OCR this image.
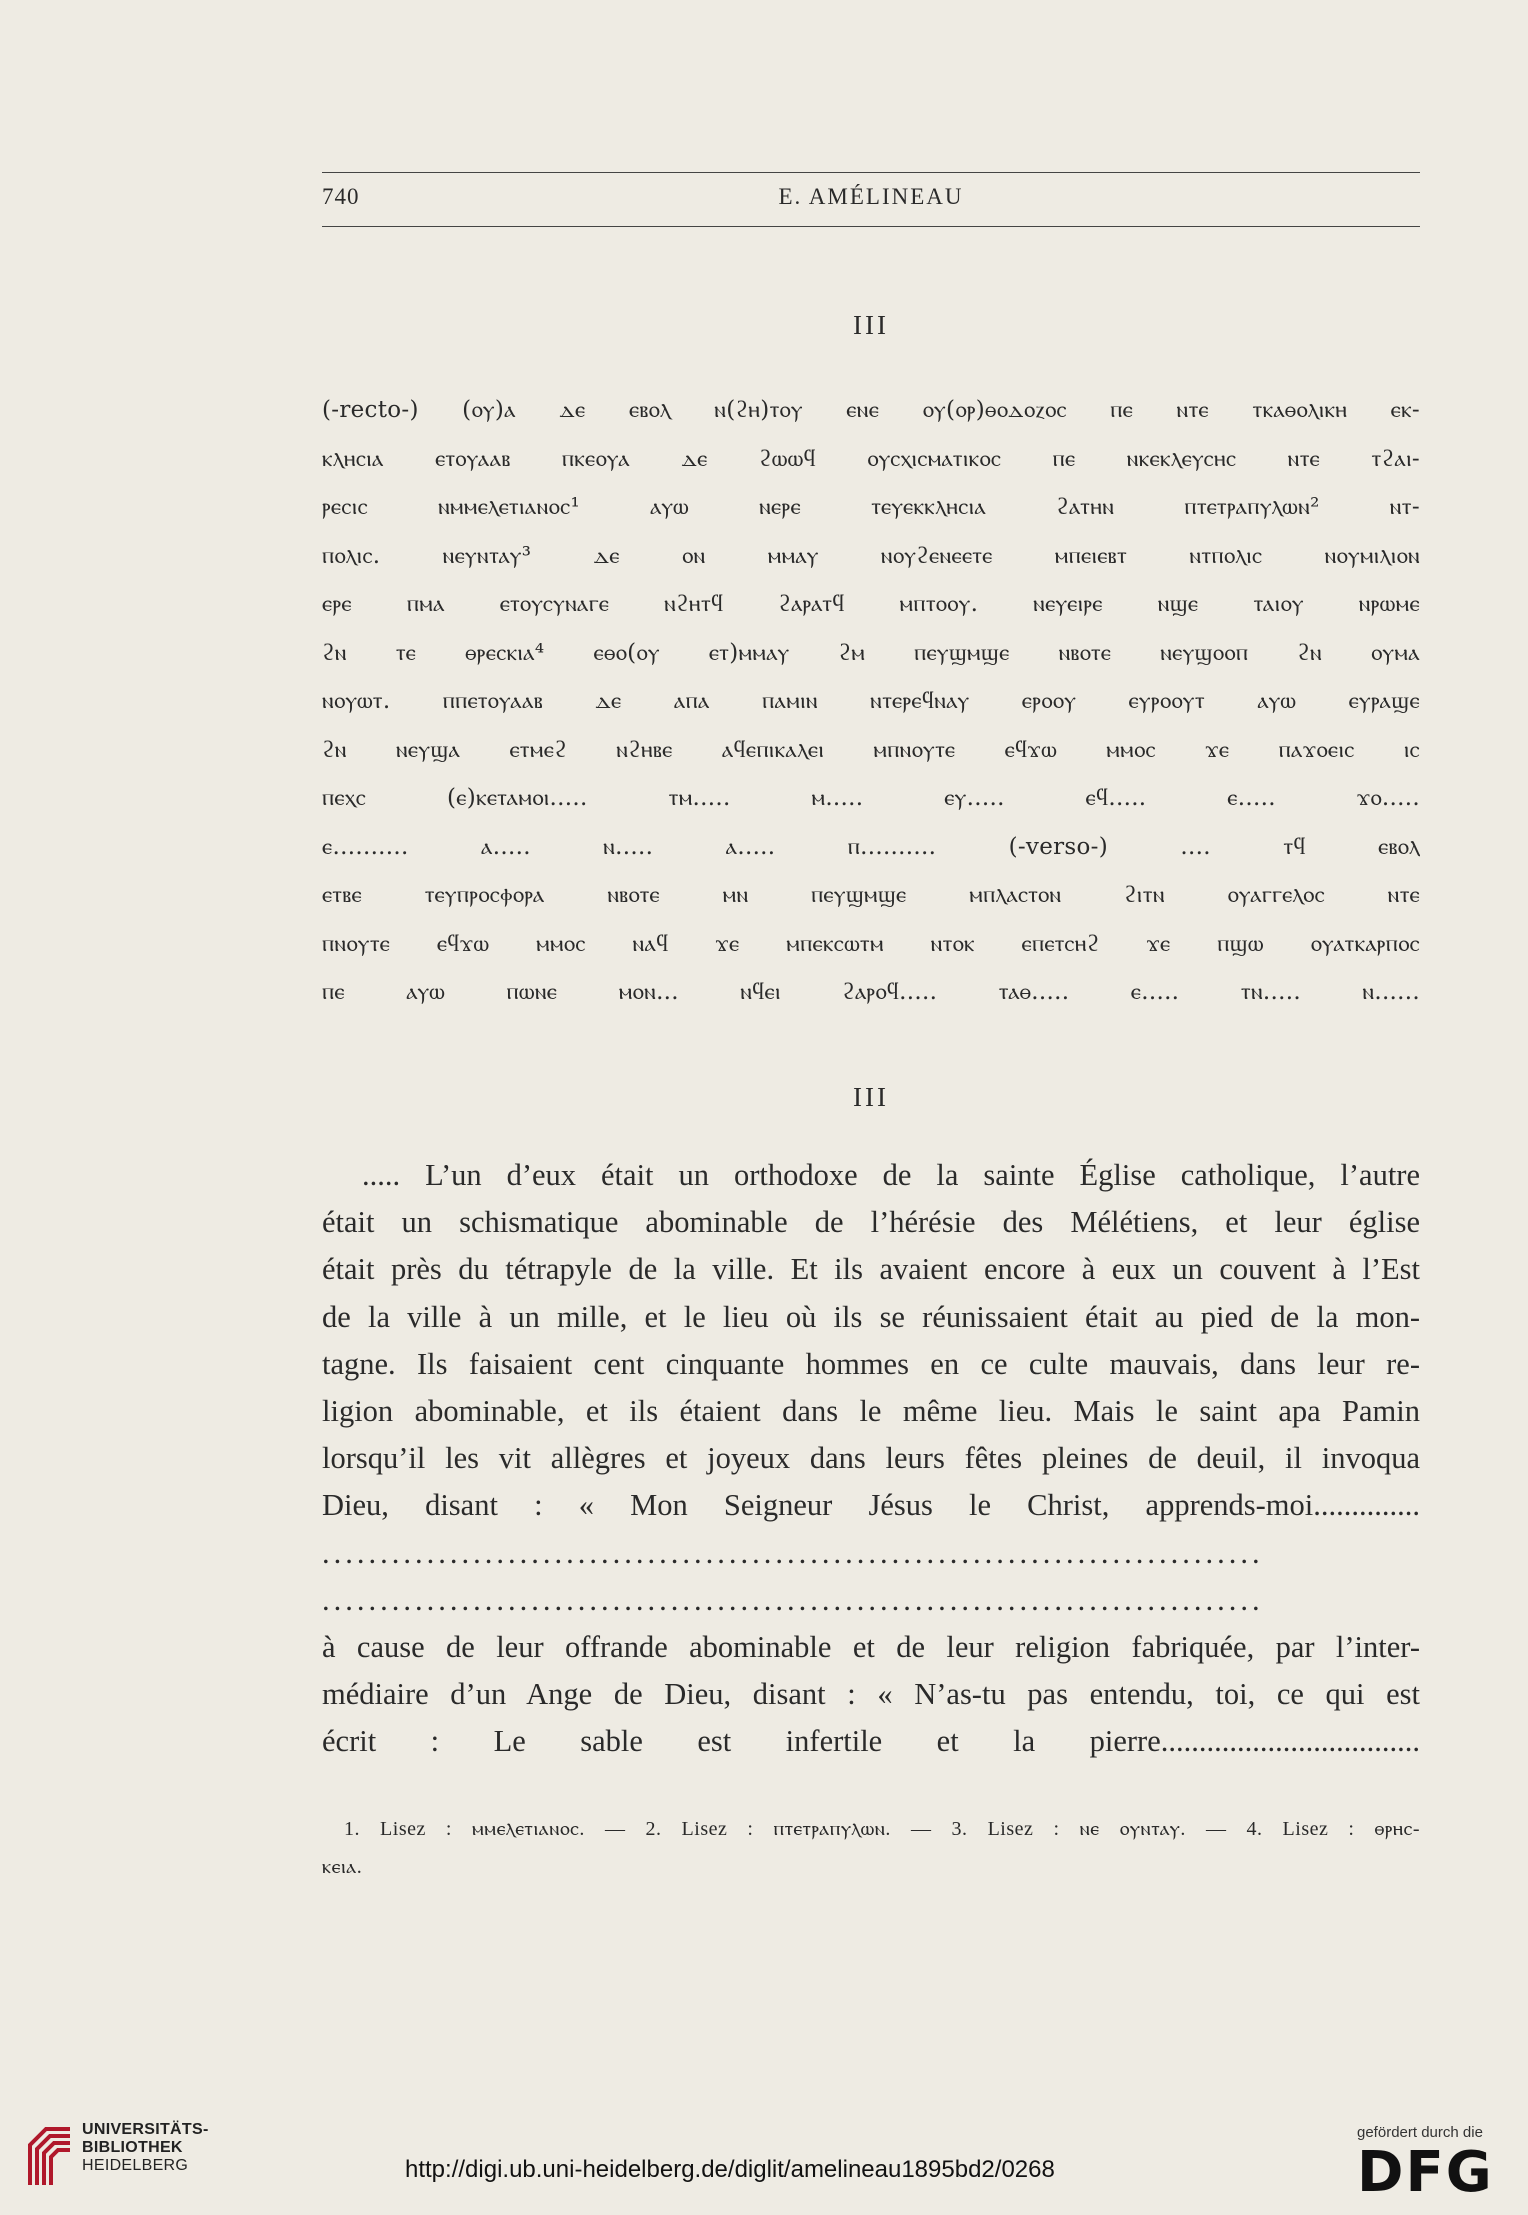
740	E. AMÉLINEAU
III
(-recto-) (ⲟⲩ)ⲁ ⲇⲉ ⲉⲃⲟⲗ ⲛ(ϩⲏ)ⲧⲟⲩ ⲉⲛⲉ ⲟⲩ(ⲟⲣ)ⲑⲟⲇⲟⲍⲟⲥ ⲡⲉ ⲛⲧⲉ ⲧⲕⲁⲑⲟⲗⲓⲕⲏ ⲉⲕ-
ⲕⲗⲏⲥⲓⲁ ⲉⲧⲟⲩⲁⲁⲃ ⲡⲕⲉⲟⲩⲁ ⲇⲉ ϩⲱⲱϥ ⲟⲩⲥⲭⲓⲥⲙⲁⲧⲓⲕⲟⲥ ⲡⲉ ⲛⲕⲉⲕⲗⲉⲩⲥⲏⲥ ⲛⲧⲉ ⲧϩⲁⲓ-
ⲣⲉⲥⲓⲥ ⲛⲙⲙⲉⲗⲉⲧⲓⲁⲛⲟⲥ¹ ⲁⲩⲱ ⲛⲉⲣⲉ ⲧⲉⲩⲉⲕⲕⲗⲏⲥⲓⲁ ϩⲁⲧⲏⲛ ⲡⲧⲉⲧⲣⲁⲡⲩⲗⲱⲛ² ⲛⲧ-
ⲡⲟⲗⲓⲥ. ⲛⲉⲩⲛⲧⲁⲩ³ ⲇⲉ ⲟⲛ ⲙⲙⲁⲩ ⲛⲟⲩϩⲉⲛⲉⲉⲧⲉ ⲙⲡⲉⲓⲉⲃⲧ ⲛⲧⲡⲟⲗⲓⲥ ⲛⲟⲩⲙⲓⲗⲓⲟⲛ
ⲉⲣⲉ ⲡⲙⲁ ⲉⲧⲟⲩⲥⲩⲛⲁⲅⲉ ⲛϩⲏⲧϥ ϩⲁⲣⲁⲧϥ ⲙⲡⲧⲟⲟⲩ. ⲛⲉⲩⲉⲓⲣⲉ ⲛϣⲉ ⲧⲁⲓⲟⲩ ⲛⲣⲱⲙⲉ
ϩⲛ ⲧⲉ ⲑⲣⲉⲥⲕⲓⲁ⁴ ⲉⲑⲟ(ⲟⲩ ⲉⲧ)ⲙⲙⲁⲩ ϩⲙ ⲡⲉⲩϣⲙϣⲉ ⲛⲃⲟⲧⲉ ⲛⲉⲩϣⲟⲟⲡ ϩⲛ ⲟⲩⲙⲁ
ⲛⲟⲩⲱⲧ. ⲡⲡⲉⲧⲟⲩⲁⲁⲃ ⲇⲉ ⲁⲡⲁ ⲡⲁⲙⲓⲛ ⲛⲧⲉⲣⲉϥⲛⲁⲩ ⲉⲣⲟⲟⲩ ⲉⲩⲣⲟⲟⲩⲧ ⲁⲩⲱ ⲉⲩⲣⲁϣⲉ
ϩⲛ ⲛⲉⲩϣⲁ ⲉⲧⲙⲉϩ ⲛϩⲏⲃⲉ ⲁϥⲉⲡⲓⲕⲁⲗⲉⲓ ⲙⲡⲛⲟⲩⲧⲉ ⲉϥϫⲱ ⲙⲙⲟⲥ ϫⲉ ⲡⲁϫⲟⲉⲓⲥ ⲓⲥ
ⲡⲉⲭⲥ (ⲉ)ⲕⲉⲧⲁⲙⲟⲓ..... ⲧⲙ..... ⲙ..... ⲉⲩ..... ⲉϥ..... ⲉ..... ϫⲟ.....
ⲉ.......... ⲁ..... ⲛ..... ⲁ..... ⲡ.......... (-verso-) .... ⲧϥ ⲉⲃⲟⲗ
ⲉⲧⲃⲉ ⲧⲉⲩⲡⲣⲟⲥⲫⲟⲣⲁ ⲛⲃⲟⲧⲉ ⲙⲛ ⲡⲉⲩϣⲙϣⲉ ⲙⲡⲗⲁⲥⲧⲟⲛ ϩⲓⲧⲛ ⲟⲩⲁⲅⲅⲉⲗⲟⲥ ⲛⲧⲉ
ⲡⲛⲟⲩⲧⲉ ⲉϥϫⲱ ⲙⲙⲟⲥ ⲛⲁϥ ϫⲉ ⲙⲡⲉⲕⲥⲱⲧⲙ ⲛⲧⲟⲕ ⲉⲡⲉⲧⲥⲏϩ ϫⲉ ⲡϣⲱ ⲟⲩⲁⲧⲕⲁⲣⲡⲟⲥ
ⲡⲉ ⲁⲩⲱ ⲡⲱⲛⲉ ⲙⲟⲛ... ⲛϥⲉⲓ ϩⲁⲣⲟϥ..... ⲧⲁⲑ..... ⲉ..... ⲧⲛ..... ⲛ......
III
..... L’un d’eux était un orthodoxe de la sainte Église catholique, l’autre
était un schismatique abominable de l’hérésie des Mélétiens, et leur église
était près du tétrapyle de la ville. Et ils avaient encore à eux un couvent à l’Est
de la ville à un mille, et le lieu où ils se réunissaient était au pied de la mon-
tagne. Ils faisaient cent cinquante hommes en ce culte mauvais, dans leur re-
ligion abominable, et ils étaient dans le même lieu. Mais le saint apa Pamin
lorsqu’il les vit allègres et joyeux dans leurs fêtes pleines de deuil, il invoqua
Dieu, disant : « Mon Seigneur Jésus le Christ, apprends-moi..............
.................................................................................
.................................................................................
à cause de leur offrande abominable et de leur religion fabriquée, par l’inter-
médiaire d’un Ange de Dieu, disant : « N’as-tu pas entendu, toi, ce qui est
écrit : Le sable est infertile et la pierre..................................
1. Lisez : ⲙⲙⲉⲗⲉⲧⲓⲁⲛⲟⲥ. — 2. Lisez : ⲡⲧⲉⲧⲣⲁⲡⲩⲗⲱⲛ. — 3. Lisez : ⲛⲉ ⲟⲩⲛⲧⲁⲩ. — 4. Lisez : ⲑⲣⲏⲥ-
ⲕⲉⲓⲁ.
UNIVERSITÄTS-
BIBLIOTHEK
HEIDELBERG	http://digi.ub.uni-heidelberg.de/diglit/amelineau1895bd2/0268
gefördert durch die
DFG
